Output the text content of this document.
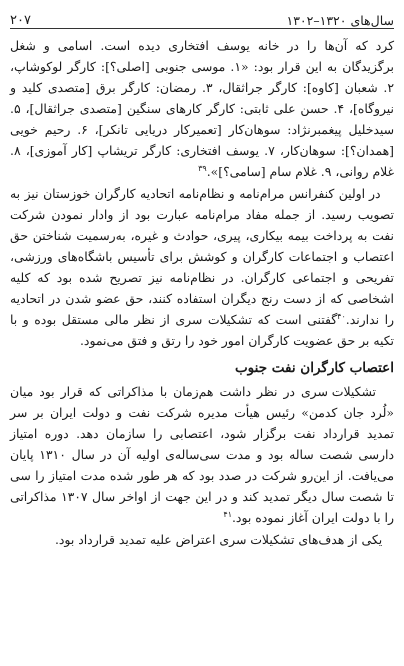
سال‌های ۱۳۲۰–۱۳۰۲
۲۰۷

کرد که آن‌ها را در خانه یوسف افتخاری دیده است. اسامی و شغل برگزیدگان به این قرار بود: «۱. موسی جنوبی [اصلی؟]: کارگر لوکوشاپ، ۲. شعبان [کاوه]: کارگر جراثقال، ۳. رمضان: کارگر برق [متصدی کلید و نیروگاه]، ۴. حسن علی ثابتی: کارگر کارهای سنگین [متصدی جراثقال]، ۵. سیدخلیل پیغمبرنژاد: سوهان‌کار [تعمیرکار دریایی تانکر]، ۶. رحیم خویی [همدان؟]: سوهان‌کار، ۷. یوسف افتخاری: کارگر تریشاپ [کار آموزی]، ۸. غلام روانی، ۹. غلام سام [سامی؟]».$^{۳۹}$

در اولین کنفرانس مرام‌نامه و نظام‌نامه اتحادیه کارگران خوزستان نیز به تصویب رسید. از جمله مفاد مرام‌نامه عبارت بود از وادار نمودن شرکت نفت به پرداخت بیمه بیکاری، پیری، حوادث و غیره، به‌رسمیت شناختن حق اعتصاب و اجتماعات کارگران و کوشش برای تأسیس باشگاه‌های ورزشی، تفریحی و اجتماعی کارگران. در نظام‌نامه نیز تصریح شده بود که کلیه اشخاصی که از دست رنج دیگران استفاده کنند، حق عضو شدن در اتحادیه را ندارند.$^{۴۰}$گفتنی است که تشکیلات سری از نظر مالی مستقل بوده و با تکیه بر حق عضویت کارگران امور خود را رتق و فتق می‌نمود.

اعتصاب کارگران نفت جنوب

تشکیلات سری در نظر داشت هم‌زمان با مذاکراتی که قرار بود میان «لُرد جان کدمن» رئیس هیأت مدیره شرکت نفت و دولت ایران بر سر تمدید قرارداد نفت برگزار شود، اعتصابی را سازمان دهد. دوره امتیاز دارسی شصت ساله بود و مدت سی‌ساله‌ی اولیه آن در سال ۱۳۱۰ پایان می‌یافت. از این‌رو شرکت در صدد بود که هر طور شده مدت امتیاز را سی تا شصت سال دیگر تمدید کند و در این جهت از اواخر سال ۱۳۰۷ مذاکراتی را با دولت ایران آغاز نموده بود.$^{۴۱}$

یکی از هدف‌های تشکیلات سری اعتراض علیه تمدید قرارداد بود.
